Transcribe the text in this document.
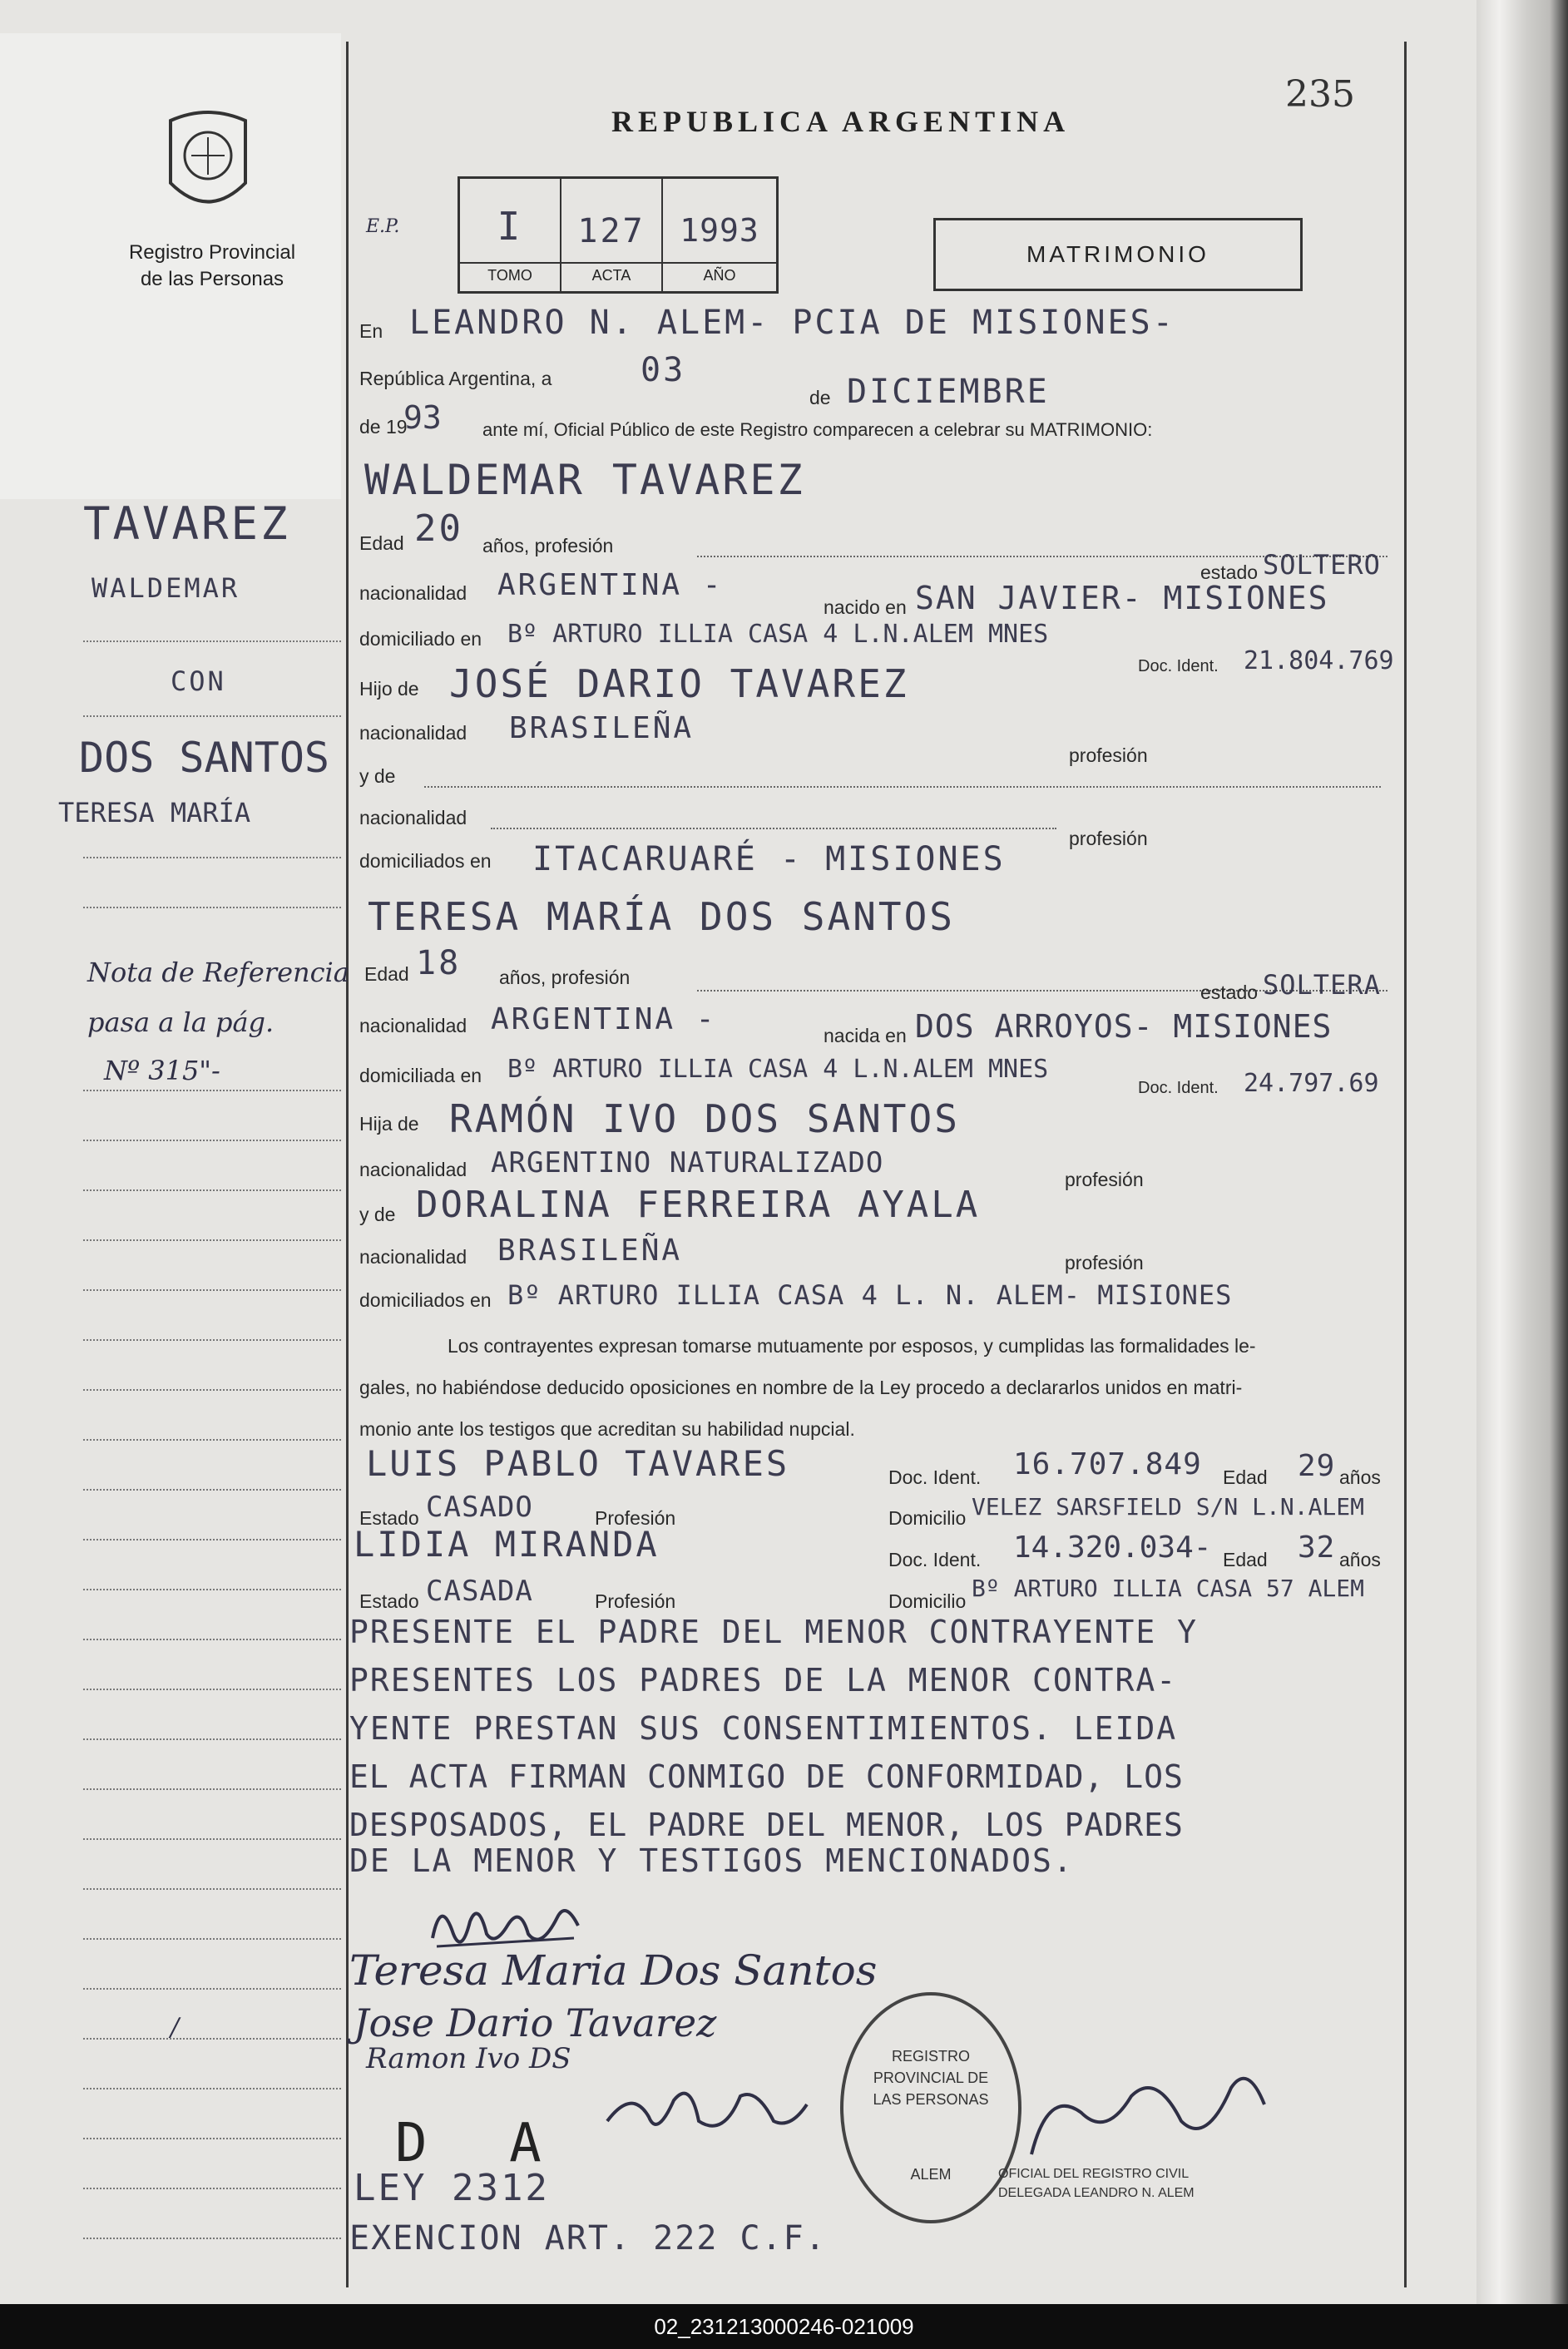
235
REPUBLICA ARGENTINA
Registro Provincial
de las Personas
E.P.	I
TOMO
127
ACTA
1993
AÑO
MATRIMONIO
En LEANDRO N. ALEM- PCIA DE MISIONES-
República Argentina, a	03
de DICIEMBRE
de 19
93 ante mí, Oficial Público de este Registro comparecen a celebrar su MATRIMONIO:
WALDEMAR TAVAREZ
TAVAREZ
WALDEMAR
CON
DOS SANTOS
TERESA MARÍA
Nota de Referencia
pasa a la pág.
Nº 315"-
Edad 20 años, profesión
estado SOLTERO
nacionalidad ARGENTINA -
nacido en SAN JAVIER- MISIONES
domiciliado en Bº ARTURO ILLIA CASA 4 L.N.ALEM MNES
Doc. Ident. 21.804.769
Hijo de JOSÉ DARIO TAVAREZ
nacionalidad BRASILEÑA
profesión
y de
nacionalidad
profesión
domiciliados en ITACARUARÉ - MISIONES
TERESA MARÍA DOS SANTOS
Edad 18 años, profesión
estado SOLTERA
nacionalidad ARGENTINA -	nacida en DOS ARROYOS- MISIONES
domiciliada en Bº ARTURO ILLIA CASA 4 L.N.ALEM MNES
Doc. Ident. 24.797.69
Hija de RAMÓN IVO DOS SANTOS
nacionalidad ARGENTINO NATURALIZADO	profesión
y de DORALINA FERREIRA AYALA
nacionalidad BRASILEÑA	profesión
domiciliados en Bº ARTURO ILLIA CASA 4 L. N. ALEM- MISIONES
Los contrayentes expresan tomarse mutuamente por esposos, y cumplidas las formalidades le-
gales, no habiéndose deducido oposiciones en nombre de la Ley procedo a declararlos unidos en matri-
monio ante los testigos que acreditan su habilidad nupcial.
LUIS PABLO TAVARES	Doc. Ident. 16.707.849 Edad 29 años
Estado CASADO	Profesión	Domicilio VELEZ SARSFIELD S/N L.N.ALEM
LIDIA MIRANDA	Doc. Ident. 14.320.034- Edad 32 años
Estado CASADA	Profesión	Domicilio Bº ARTURO ILLIA CASA 57 ALEM
PRESENTE EL PADRE DEL MENOR CONTRAYENTE Y
PRESENTES LOS PADRES DE LA MENOR CONTRA-
YENTE PRESTAN SUS CONSENTIMIENTOS. LEIDA
EL ACTA FIRMAN CONMIGO DE CONFORMIDAD, LOS
DESPOSADOS, EL PADRE DEL MENOR, LOS PADRES
DE LA MENOR Y TESTIGOS MENCIONADOS.
Teresa Maria Dos Santos
Jose Dario Tavarez
Ramon Ivo DS
D A
LEY 2312
EXENCION ART. 222 C.F.
/
REGISTRO PROVINCIAL DE LAS PERSONAS
ALEM	OFICIAL DEL REGISTRO CIVIL
DELEGADA LEANDRO N. ALEM
02_231213000246-021009
